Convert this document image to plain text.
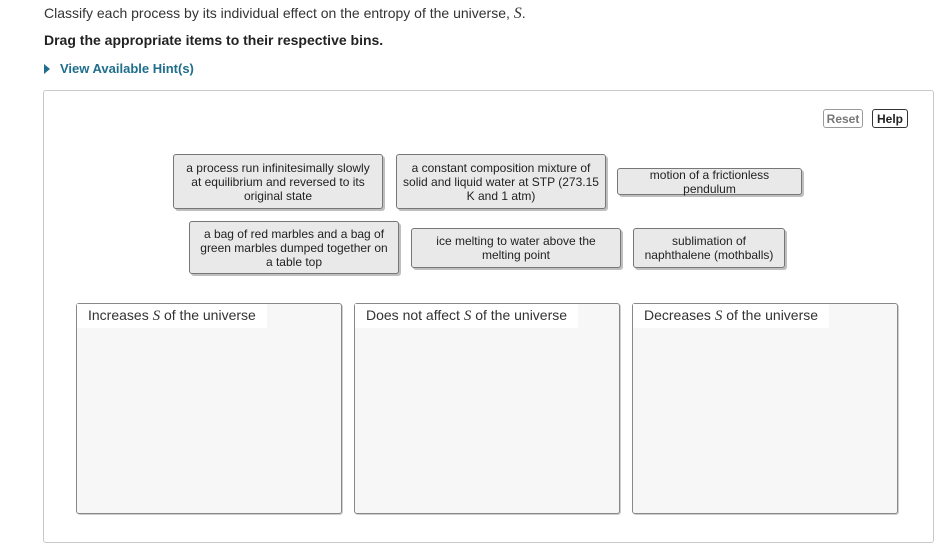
Classify each process by its individual effect on the entropy of the universe, S.
Drag the appropriate items to their respective bins.
View Available Hint(s)
Reset	Help
a process run infinitesimally slowly at equilibrium and reversed to its original state
a constant composition mixture of solid and liquid water at STP (273.15 K and 1 atm)
motion of a frictionless pendulum
a bag of red marbles and a bag of green marbles dumped together on a table top
ice melting to water above the melting point
sublimation of naphthalene (mothballs)
Increases S of the universe	Does not affect S of the universe	Decreases S of the universe
